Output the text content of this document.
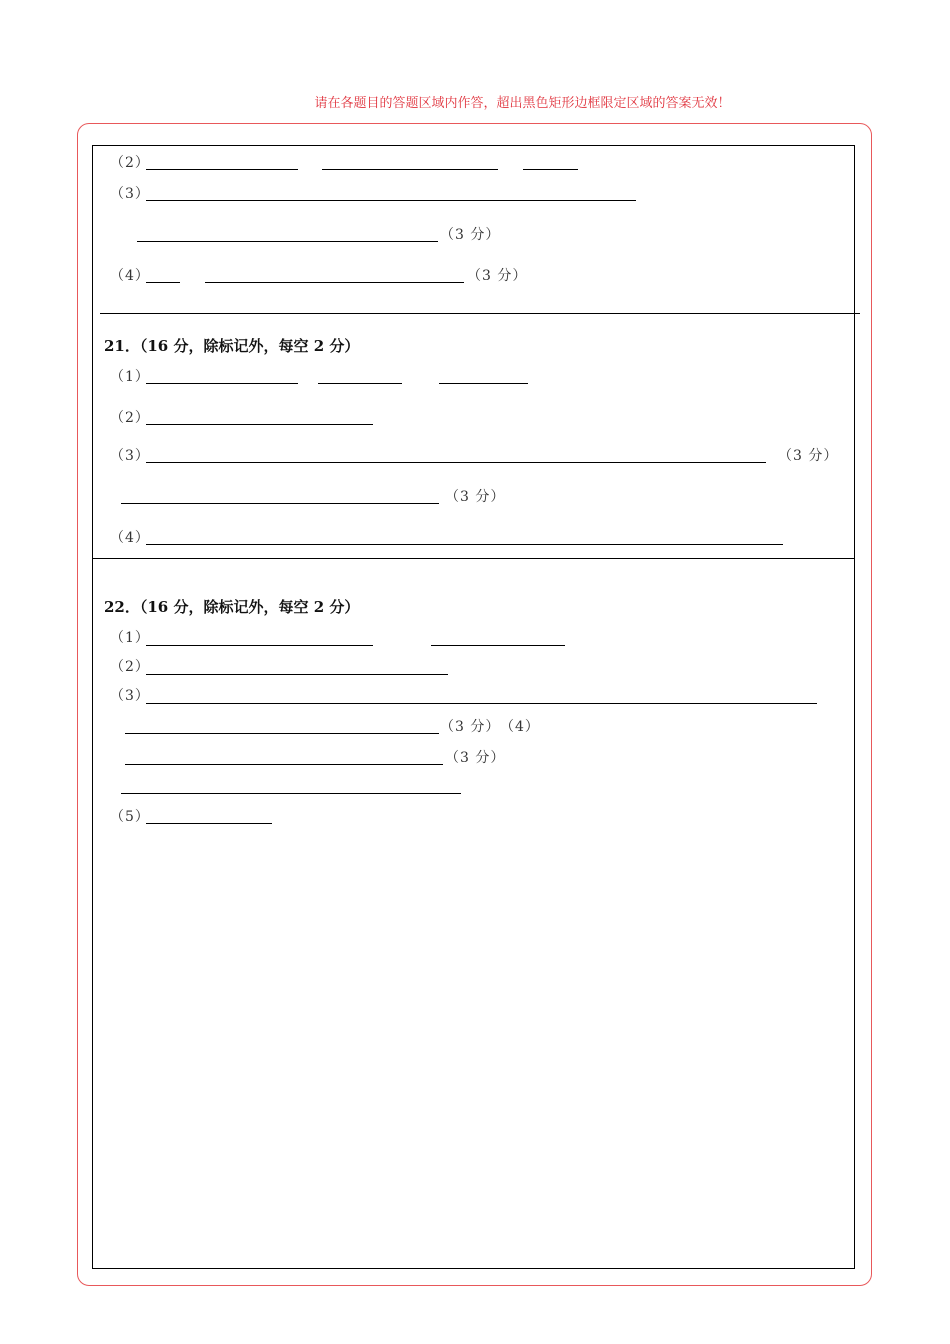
请在各题目的答题区域内作答，超出黑色矩形边框限定区域的答案无效！
（2）
（3）
（3 分）
（4）	（3 分）
21．（16 分，除标记外，每空 2 分）
（1）
（2）
（3）	（3 分）
（3 分）
（4）
22．（16 分，除标记外，每空 2 分）
（1）
（2）
（3）
（3 分） （4）
（3 分）
（5）
